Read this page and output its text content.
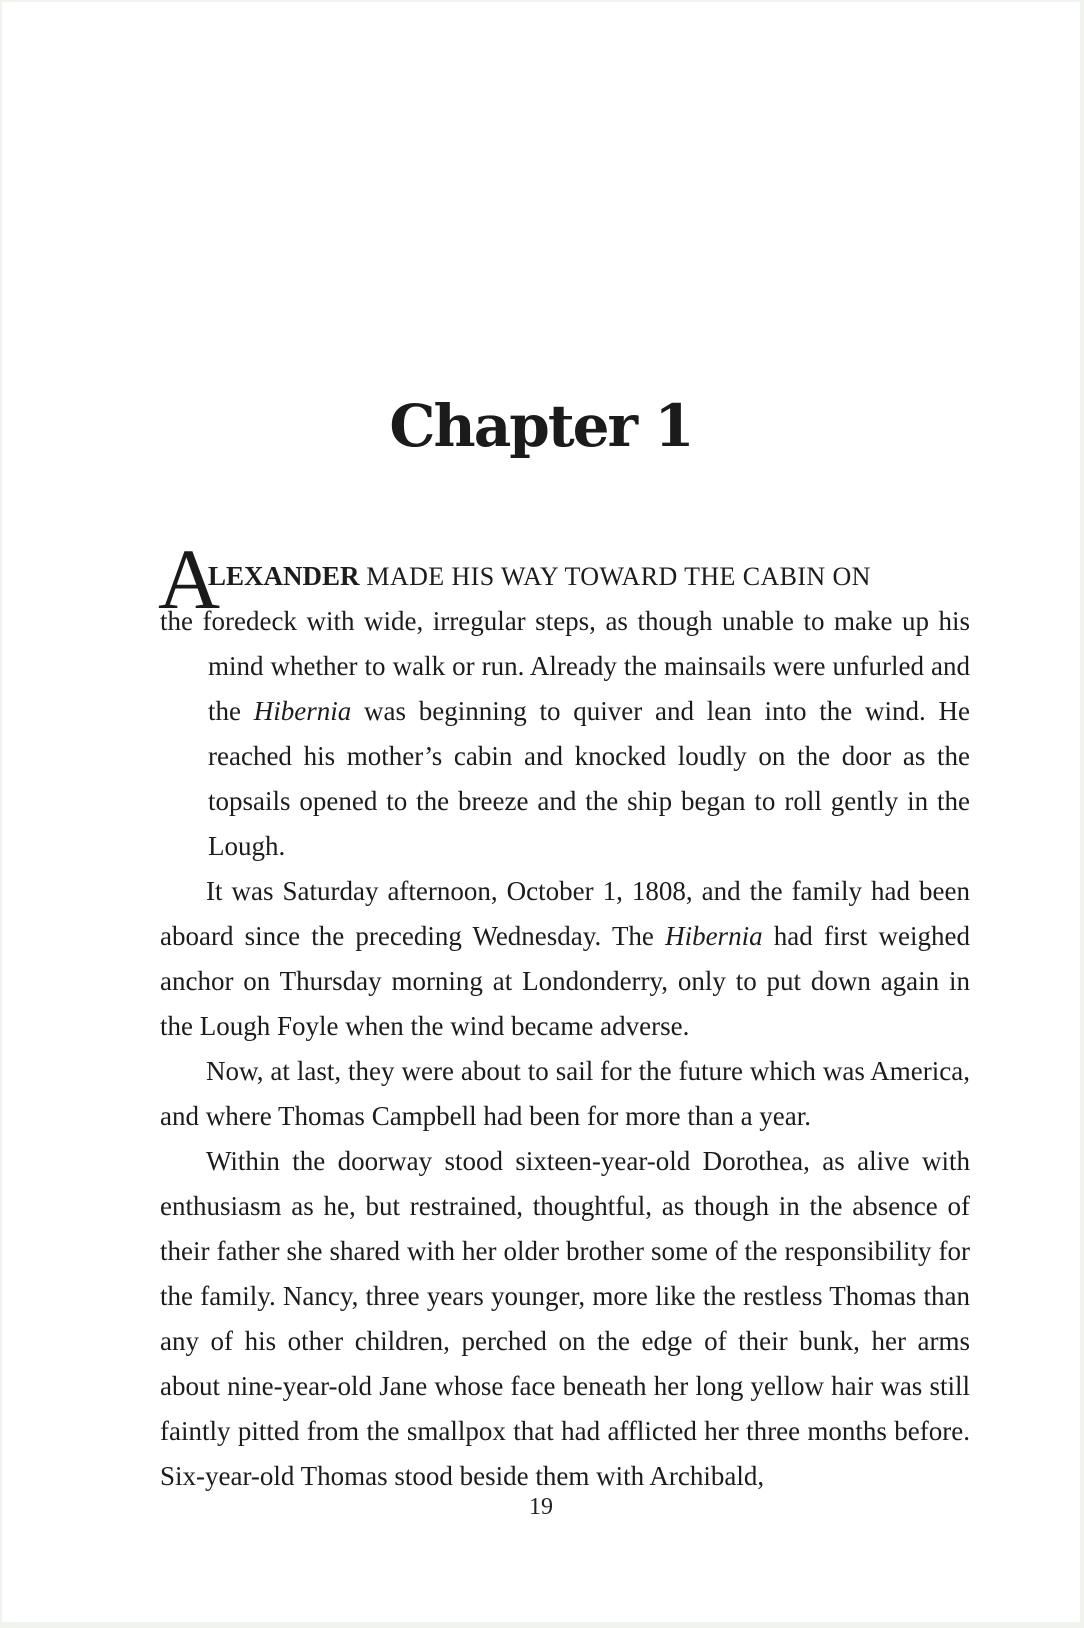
Chapter 1

A
LEXANDER MADE HIS WAY TOWARD THE CABIN ON
the foredeck with wide, irregular steps, as though unable to make up his mind whether to walk or run. Already the mainsails were unfurled and the Hibernia was beginning to quiver and lean into the wind. He reached his mother’s cabin and knocked loudly on the door as the topsails opened to the breeze and the ship began to roll gently in the Lough.

It was Saturday afternoon, October 1, 1808, and the family had been aboard since the preceding Wednesday. The Hibernia had first weighed anchor on Thursday morning at Londonderry, only to put down again in the Lough Foyle when the wind became adverse.

Now, at last, they were about to sail for the future which was America, and where Thomas Campbell had been for more than a year.

Within the doorway stood sixteen-year-old Dorothea, as alive with enthusiasm as he, but restrained, thoughtful, as though in the absence of their father she shared with her older brother some of the responsibility for the family. Nancy, three years younger, more like the restless Thomas than any of his other children, perched on the edge of their bunk, her arms about nine-year-old Jane whose face beneath her long yellow hair was still faintly pitted from the smallpox that had afflicted her three months before. Six-year-old Thomas stood beside them with Archibald,

19
